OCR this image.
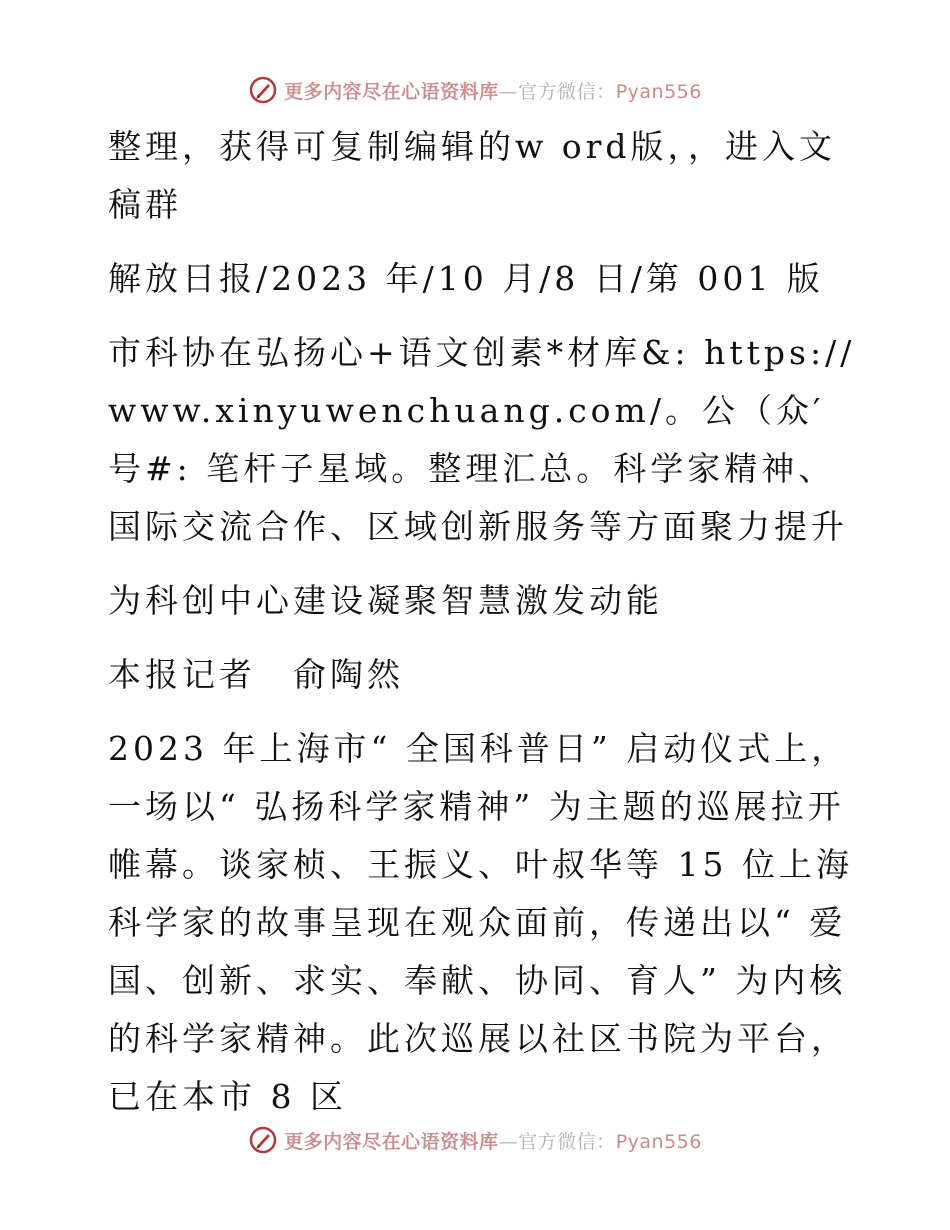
更多内容尽在心语资料库—官方微信：Pyan556

整理，获得可复制编辑的w ord版，，进入文稿群

解放日报/2023 年/10 月/8 日/第 001 版

市科协在弘扬心+语文创素*材库&: https://www.xinyuwenchuang.com/。公（众′号#: 笔杆子星域。整理汇总。科学家精神、国际交流合作、区域创新服务等方面聚力提升

为科创中心建设凝聚智慧激发动能

本报记者　俞陶然

2023 年上海市“ 全国科普日” 启动仪式上，一场以“ 弘扬科学家精神” 为主题的巡展拉开帷幕。谈家桢、王振义、叶叔华等 15 位上海科学家的故事呈现在观众面前，传递出以“ 爱国、创新、求实、奉献、协同、育人” 为内核的科学家精神。此次巡展以社区书院为平台，已在本市 8 区

更多内容尽在心语资料库—官方微信：Pyan556
